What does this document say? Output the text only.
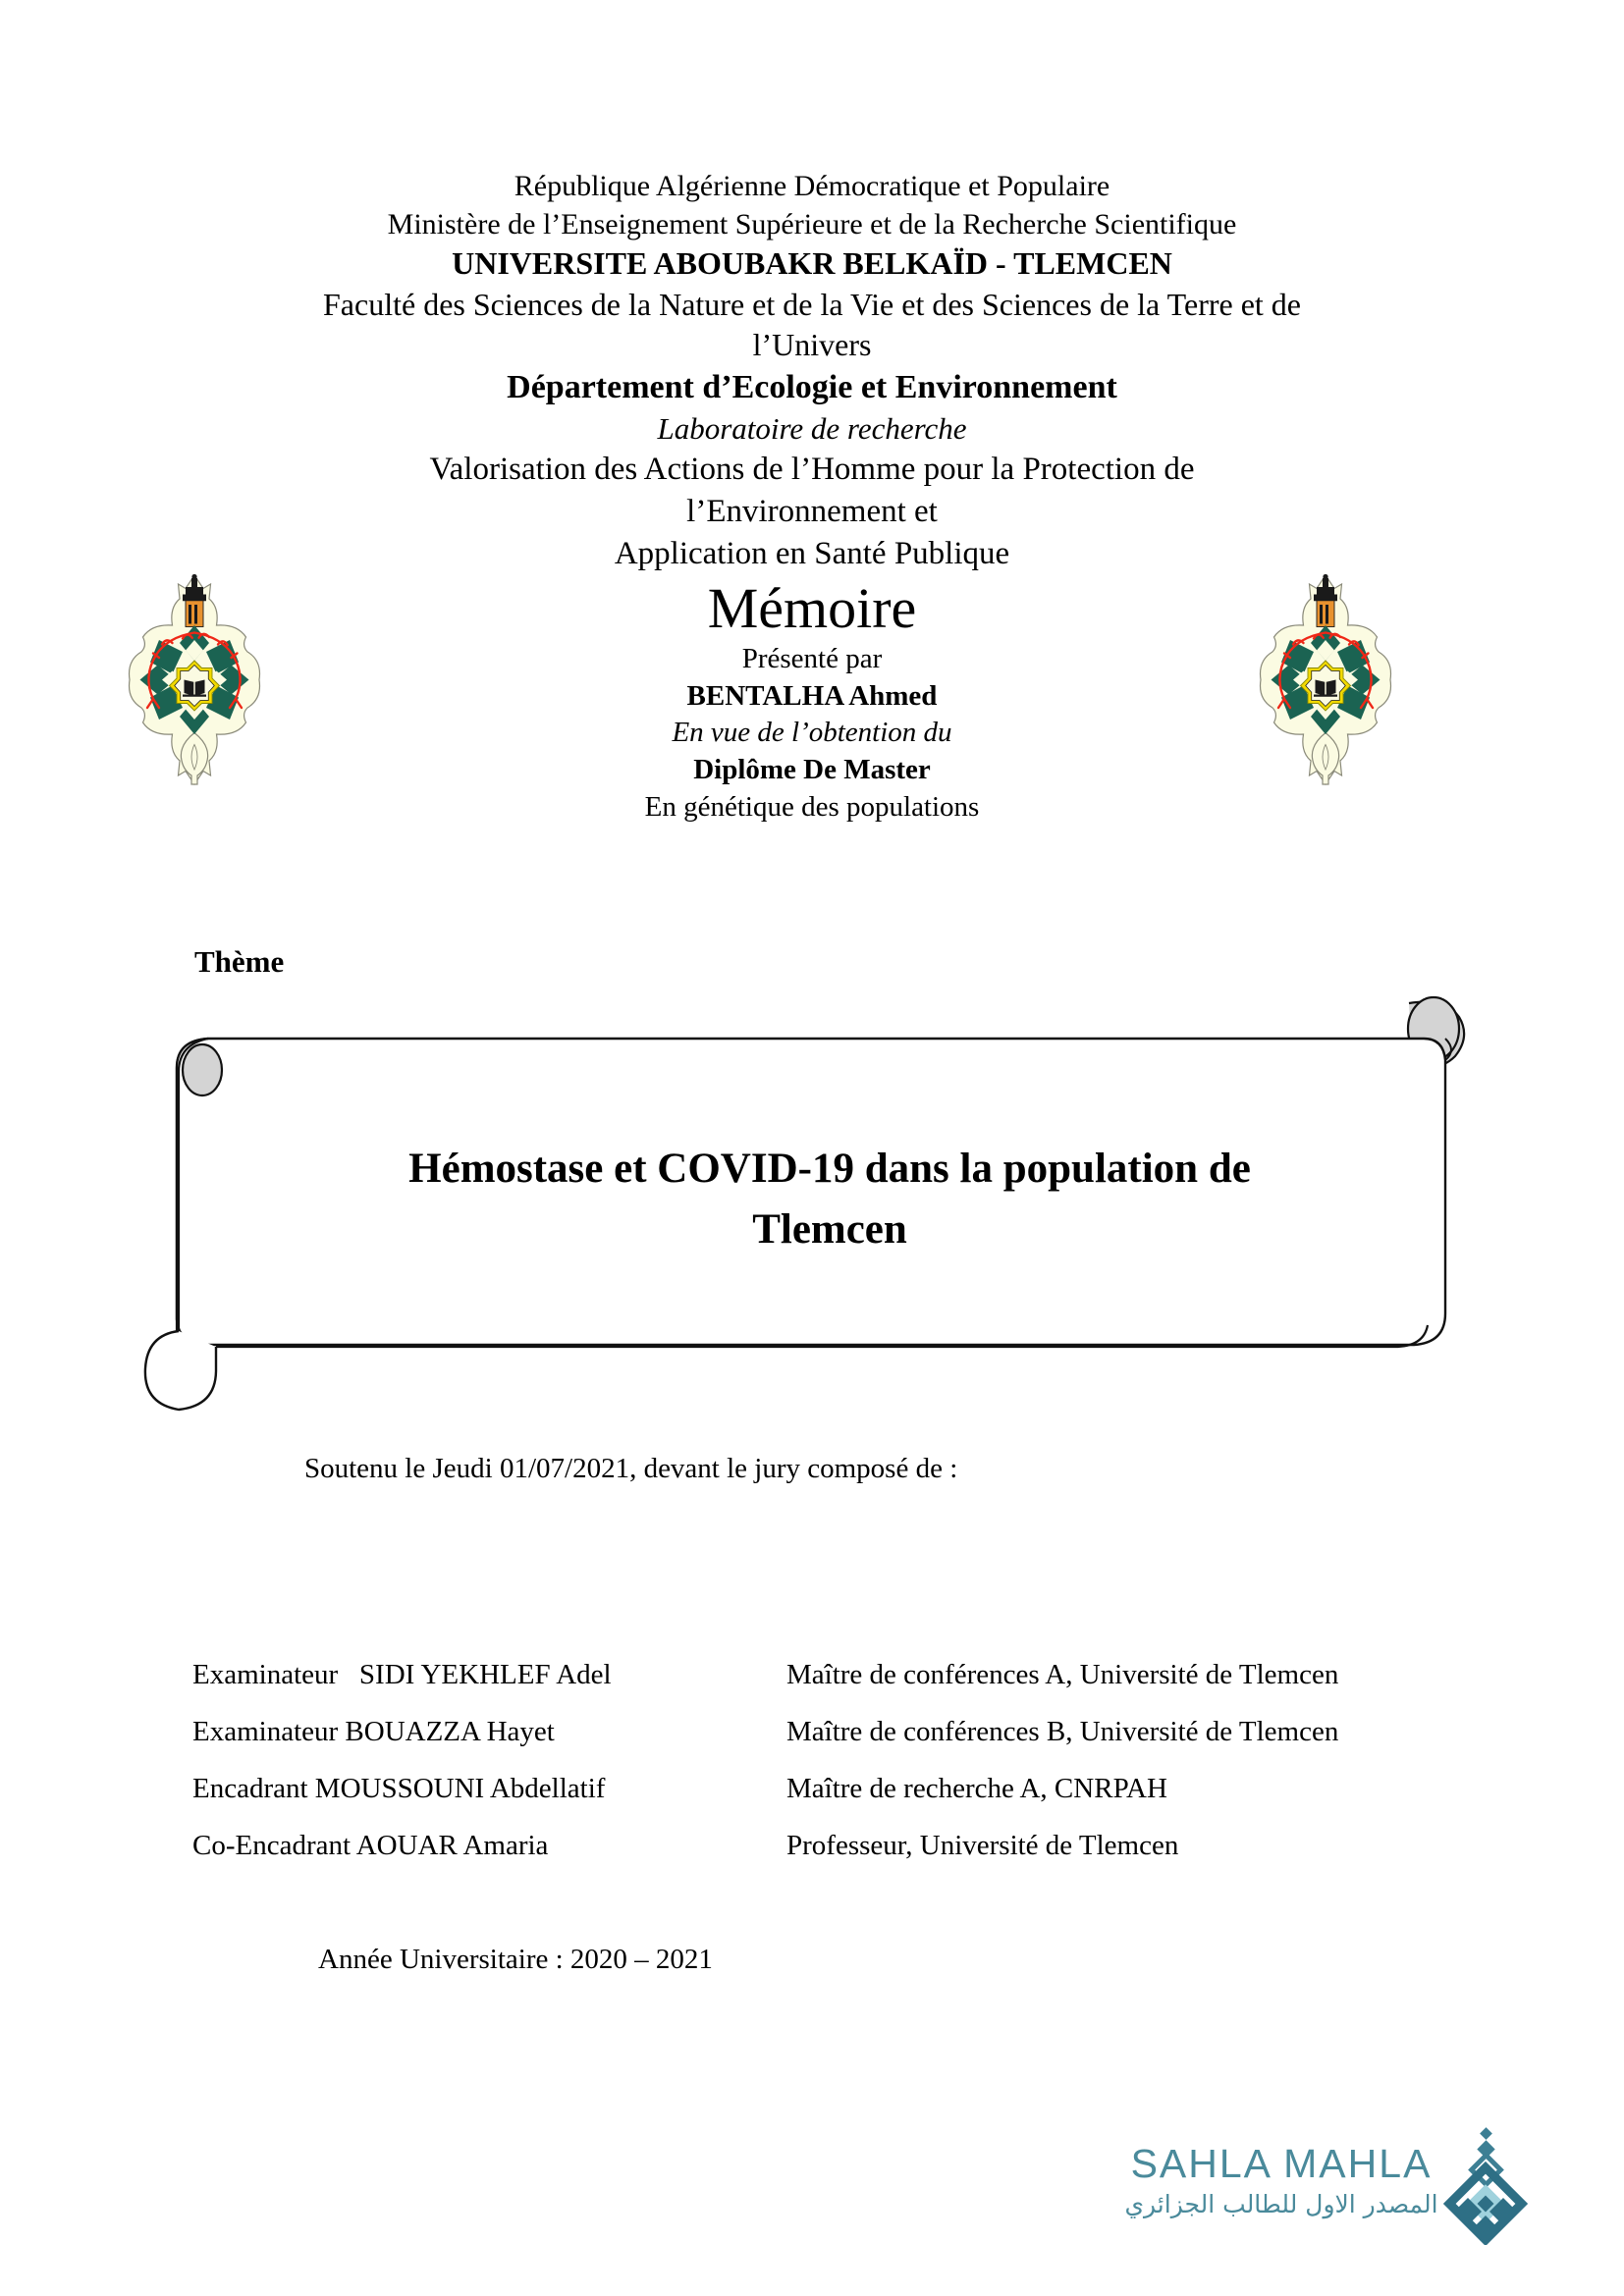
République Algérienne Démocratique et Populaire
Ministère de l’Enseignement Supérieure et de la Recherche Scientifique
UNIVERSITE ABOUBAKR BELKAÏD - TLEMCEN
Faculté des Sciences de la Nature et de la Vie et des Sciences de la Terre et de
l’Univers
Département d’Ecologie et Environnement
Laboratoire de recherche
Valorisation des Actions de l’Homme pour la Protection de
l’Environnement et
Application en Santé Publique
Mémoire
Présenté par
BENTALHA Ahmed
En vue de l’obtention du
Diplôme De Master
En génétique des populations
Thème
Hémostase et COVID-19 dans la population de
Tlemcen
Soutenu le Jeudi 01/07/2021, devant le jury composé de :
Examinateur   SIDI YEKHLEF Adel	Maître de conférences A, Université de Tlemcen
Examinateur BOUAZZA Hayet	Maître de conférences B, Université de Tlemcen
Encadrant MOUSSOUNI Abdellatif	Maître de recherche A, CNRPAH
Co-Encadrant AOUAR Amaria	Professeur, Université de Tlemcen
Année Universitaire : 2020 – 2021
SAHLA MAHLA
المصدر الاول للطالب الجزائري
